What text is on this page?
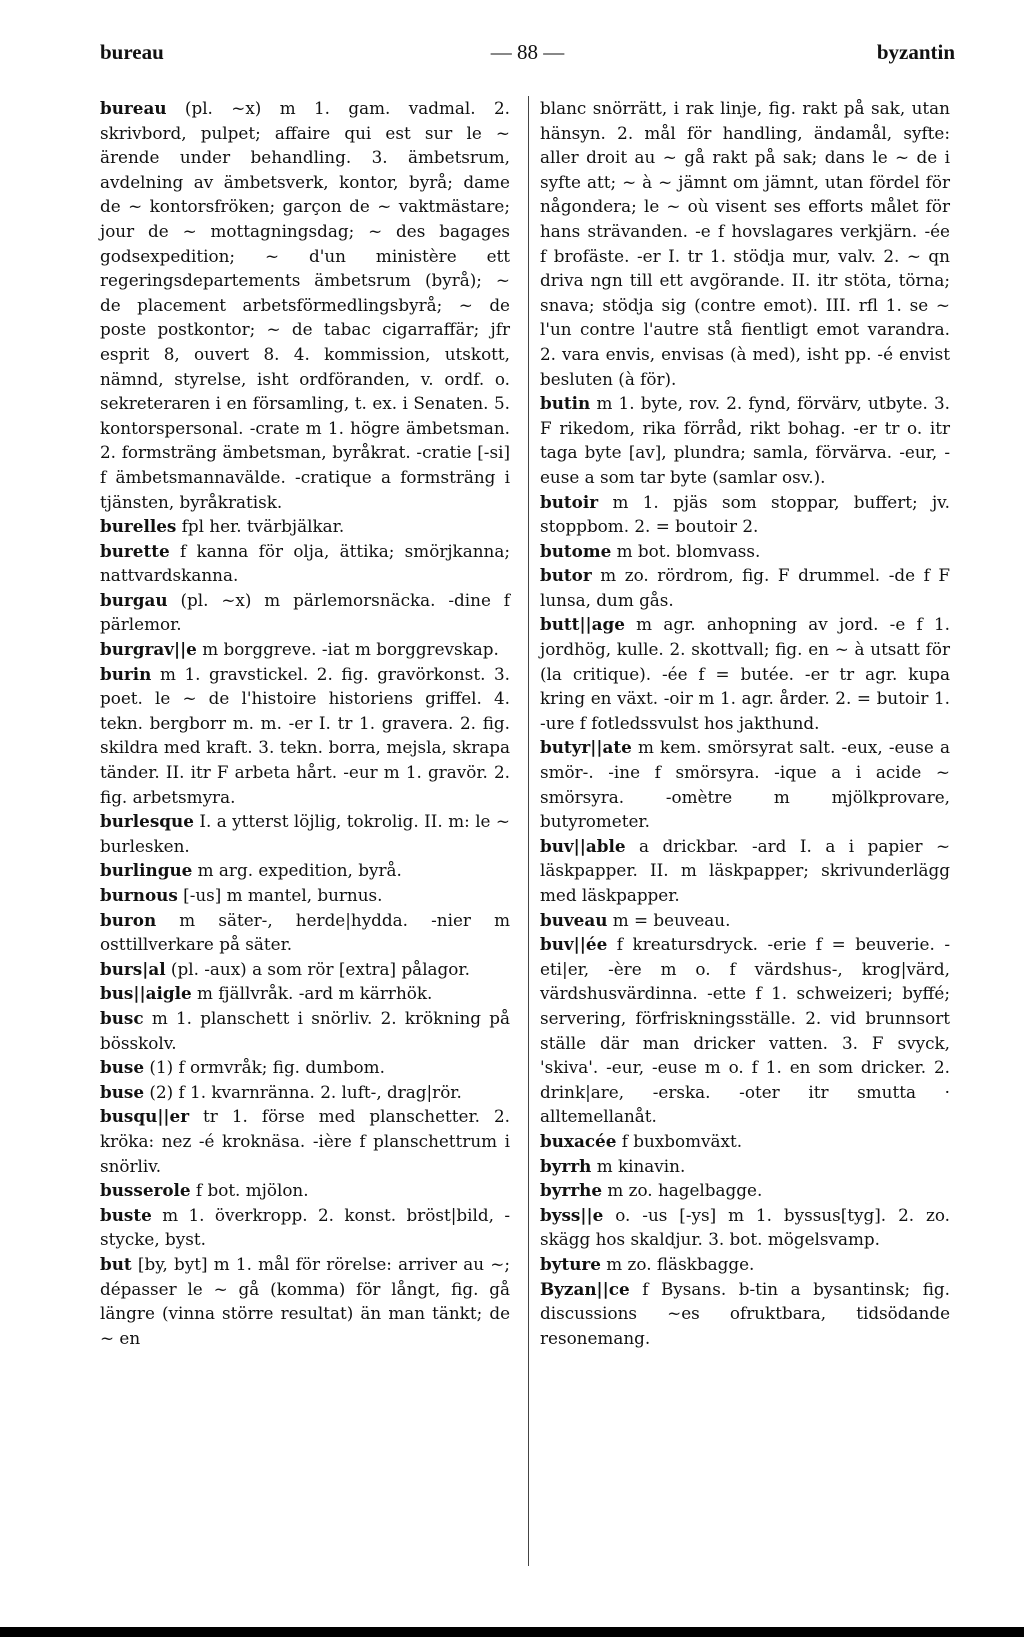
bureau	— 88 —	byzantin

bureau (pl. ~x) m 1. gam. vadmal. 2. skrivbord, pulpet; affaire qui est sur le ~ ärende under behandling. 3. ämbetsrum, avdelning av ämbetsverk, kontor, byrå; dame de ~ kontorsfröken; garçon de ~ vaktmästare; jour de ~ mottagningsdag; ~ des bagages godsexpedition; ~ d'un ministère ett regeringsdepartements ämbetsrum (byrå); ~ de placement arbetsförmedlingsbyrå; ~ de poste postkontor; ~ de tabac cigarraffär; jfr esprit 8, ouvert 8. 4. kommission, utskott, nämnd, styrelse, isht ordföranden, v. ordf. o. sekreteraren i en församling, t. ex. i Senaten. 5. kontorspersonal. -crate m 1. högre ämbetsman. 2. formsträng ämbetsman, byråkrat. -cratie [-si] f ämbetsmannavälde. -cratique a formsträng i tjänsten, byråkratisk.

burelles fpl her. tvärbjälkar.

burette f kanna för olja, ättika; smörjkanna; nattvardskanna.

burgau (pl. ~x) m pärlemorsnäcka. -dine f pärlemor.

burgrav||e m borggreve. -iat m borggrevskap.

burin m 1. gravstickel. 2. fig. gravörkonst. 3. poet. le ~ de l'histoire historiens griffel. 4. tekn. bergborr m. m. -er I. tr 1. gravera. 2. fig. skildra med kraft. 3. tekn. borra, mejsla, skrapa tänder. II. itr F arbeta hårt. -eur m 1. gravör. 2. fig. arbetsmyra.

burlesque I. a ytterst löjlig, tokrolig. II. m: le ~ burlesken.

burlingue m arg. expedition, byrå.

burnous [-us] m mantel, burnus.

buron m säter-, herde|hydda. -nier m osttillverkare på säter.

burs|al (pl. -aux) a som rör [extra] pålagor.

bus||aigle m fjällvråk. -ard m kärrhök.

busc m 1. planschett i snörliv. 2. krökning på bösskolv.

buse (1) f ormvråk; fig. dumbom.

buse (2) f 1. kvarnränna. 2. luft-, drag|rör.

busqu||er tr 1. förse med planschetter. 2. kröka: nez -é kroknäsa. -ière f planschettrum i snörliv.

busserole f bot. mjölon.

buste m 1. överkropp. 2. konst. bröst|bild, -stycke, byst.

but [by, byt] m 1. mål för rörelse: arriver au ~; dépasser le ~ gå (komma) för långt, fig. gå längre (vinna större resultat) än man tänkt; de ~ en

blanc snörrätt, i rak linje, fig. rakt på sak, utan hänsyn. 2. mål för handling, ändamål, syfte: aller droit au ~ gå rakt på sak; dans le ~ de i syfte att; ~ à ~ jämnt om jämnt, utan fördel för någondera; le ~ où visent ses efforts målet för hans strävanden. -e f hovslagares verkjärn. -ée f brofäste. -er I. tr 1. stödja mur, valv. 2. ~ qn driva ngn till ett avgörande. II. itr stöta, törna; snava; stödja sig (contre emot). III. rfl 1. se ~ l'un contre l'autre stå fientligt emot varandra. 2. vara envis, envisas (à med), isht pp. -é envist besluten (à för).

butin m 1. byte, rov. 2. fynd, förvärv, utbyte. 3. F rikedom, rika förråd, rikt bohag. -er tr o. itr taga byte [av], plundra; samla, förvärva. -eur, -euse a som tar byte (samlar osv.).

butoir m 1. pjäs som stoppar, buffert; jv. stoppbom. 2. = boutoir 2.

butome m bot. blomvass.

butor m zo. rördrom, fig. F drummel. -de f F lunsa, dum gås.

butt||age m agr. anhopning av jord. -e f 1. jordhög, kulle. 2. skottvall; fig. en ~ à utsatt för (la critique). -ée f = butée. -er tr agr. kupa kring en växt. -oir m 1. agr. årder. 2. = butoir 1. -ure f fotledssvulst hos jakthund.

butyr||ate m kem. smörsyrat salt. -eux, -euse a smör-. -ine f smörsyra. -ique a i acide ~ smörsyra. -omètre m mjölkprovare, butyrometer.

buv||able a drickbar. -ard I. a i papier ~ läskpapper. II. m läskpapper; skrivunderlägg med läskpapper.

buveau m = beuveau.

buv||ée f kreatursdryck. -erie f = beuverie. -eti|er, -ère m o. f värdshus-, krog|värd, värdshusvärdinna. -ette f 1. schweizeri; byffé; servering, förfriskningsställe. 2. vid brunnsort ställe där man dricker vatten. 3. F svyck, 'skiva'. -eur, -euse m o. f 1. en som dricker. 2. drink|are, -erska. -oter itr smutta · alltemellanåt.

buxacée f buxbomväxt.

byrrh m kinavin.

byrrhe m zo. hagelbagge.

byss||e o. -us [-ys] m 1. byssus[tyg]. 2. zo. skägg hos skaldjur. 3. bot. mögelsvamp.

byture m zo. fläskbagge.

Byzan||ce f Bysans. b-tin a bysantinsk; fig. discussions ~es ofruktbara, tidsödande resonemang.
